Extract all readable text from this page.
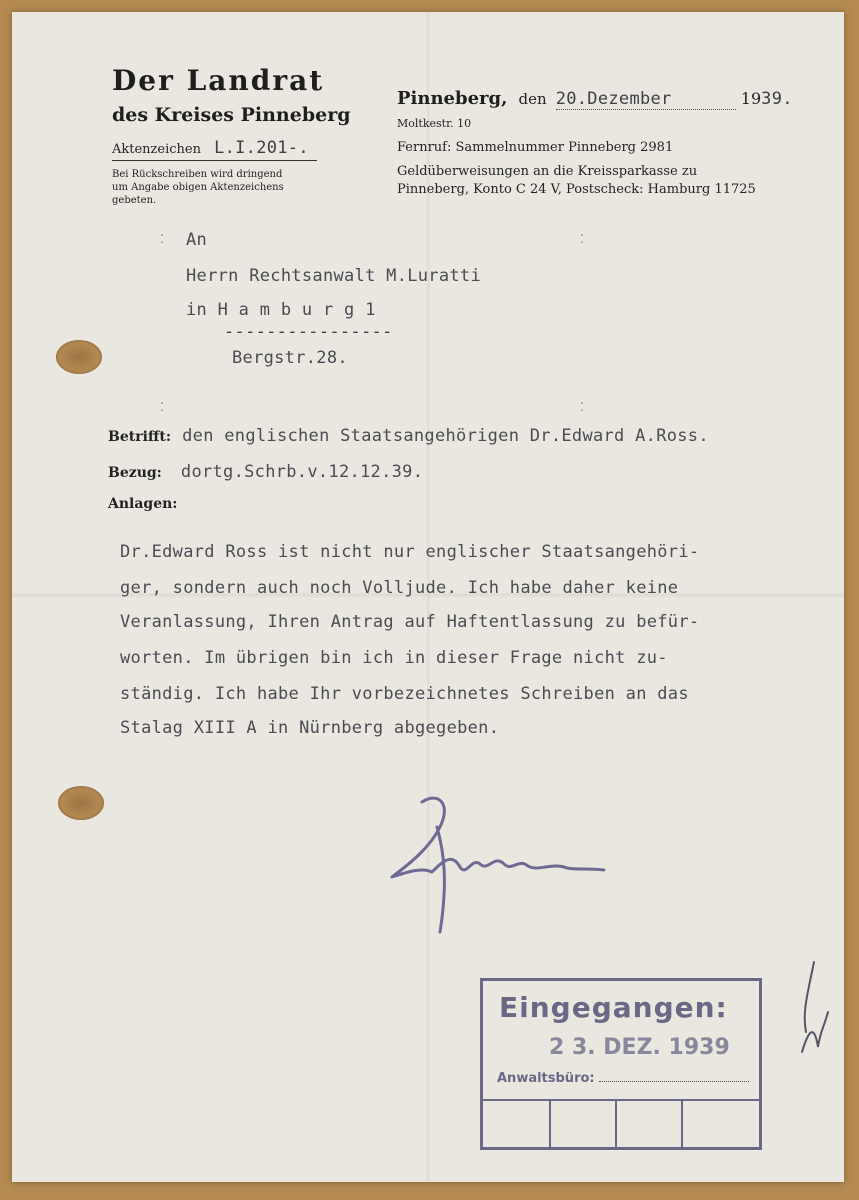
Der Landrat
des Kreises Pinneberg
Aktenzeichen L.I.201-.
Bei Rückschreiben wird dringend
um Angabe obigen Aktenzeichens
gebeten.
Pinneberg, den 20.Dezember	1939.
Moltkestr. 10
Fernruf: Sammelnummer Pinneberg 2981
Geldüberweisungen an die Kreissparkasse zu
Pinneberg, Konto C 24 V, Postscheck: Hamburg 11725
⁚	⁚
⁚	⁚
An
Herrn Rechtsanwalt M.Luratti
in H a m b u r g 1
----------------
Bergstr.28.
Betrifft: den englischen Staatsangehörigen Dr.Edward A.Ross.
Bezug: dortg.Schrb.v.12.12.39.
Anlagen:
Dr.Edward Ross ist nicht nur englischer Staatsangehöri-
ger, sondern auch noch Volljude. Ich habe daher keine
Veranlassung, Ihren Antrag auf Haftentlassung zu befür-
worten. Im übrigen bin ich in dieser Frage nicht zu-
ständig. Ich habe Ihr vorbezeichnetes Schreiben an das
Stalag XIII A in Nürnberg abgegeben.
Eingegangen:
2 3. DEZ. 1939
Anwaltsbüro:
